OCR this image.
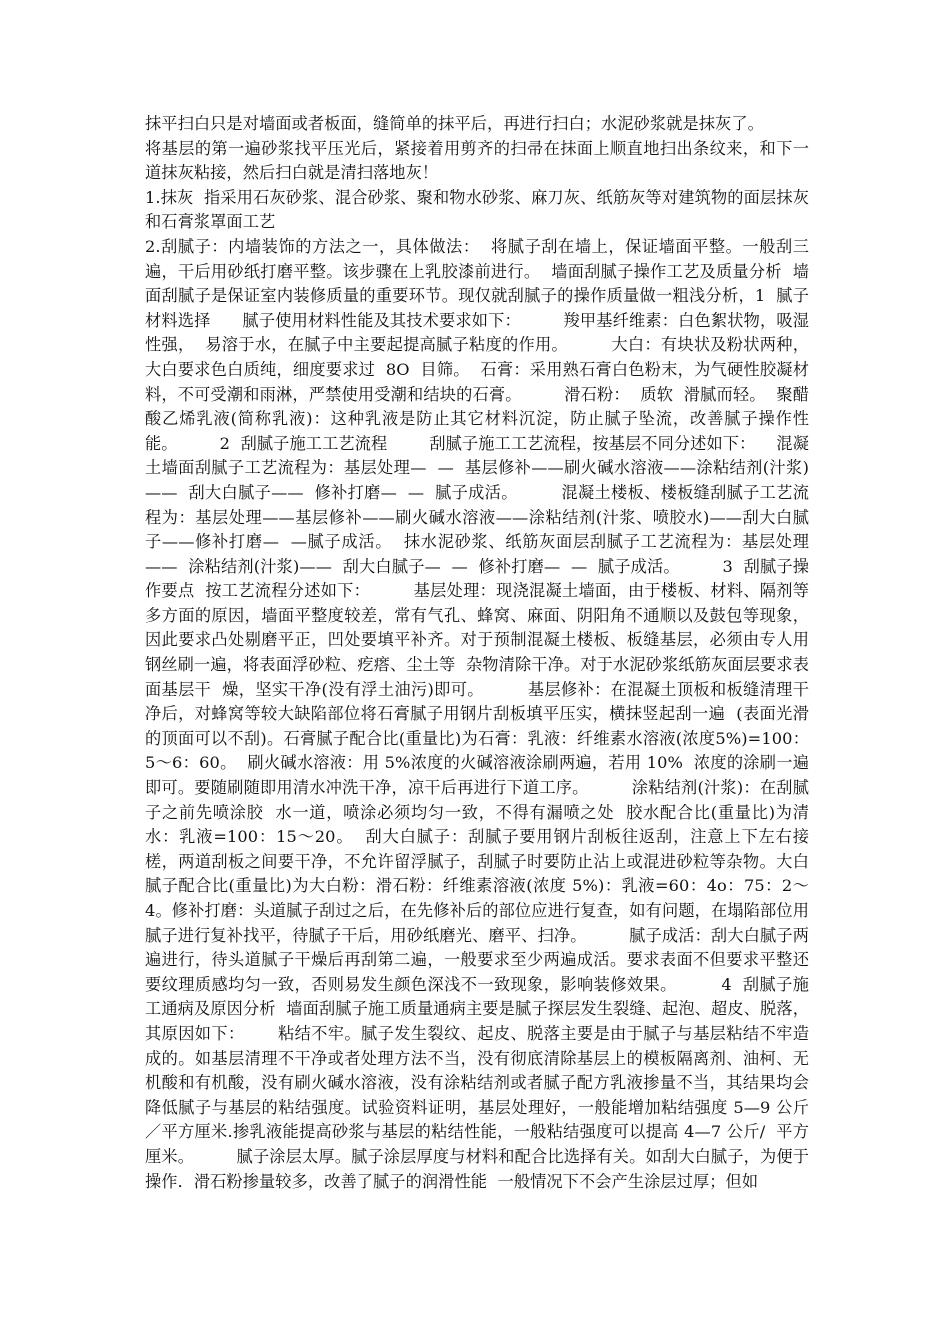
抹平扫白只是对墙面或者板面，缝简单的抹平后，再进行扫白；水泥砂浆就是抹灰了。

将基层的第一遍砂浆找平压光后，紧接着用剪齐的扫帚在抹面上顺直地扫出条纹来，和下一道抹灰粘接，然后扫白就是清扫落地灰！

1.抹灰  指采用石灰砂浆、混合砂浆、聚和物水砂浆、麻刀灰、纸筋灰等对建筑物的面层抹灰和石膏浆罩面工艺

2.刮腻子：内墙装饰的方法之一，具体做法：  将腻子刮在墙上，保证墙面平整。一般刮三遍，干后用砂纸打磨平整。该步骤在上乳胶漆前进行。  墙面刮腻子操作工艺及质量分析  墙面刮腻子是保证室内装修质量的重要环节。现仅就刮腻子的操作质量做一粗浅分析，1  腻子材料选择      腻子使用材料性能及其技术要求如下：        羧甲基纤维素：白色絮状物，吸湿性强，  易溶于水，在腻子中主要起提高腻子粘度的作用。        大白：有块状及粉状两种，大白要求色白质纯，细度要求过  8O  目筛。  石膏：采用熟石膏白色粉末，为气硬性胶凝材料，不可受潮和雨淋，严禁使用受潮和结块的石膏。        滑石粉：  质软  滑腻而轻。  聚醋酸乙烯乳液(简称乳液)：这种乳液是防止其它材料沉淀，防止腻子坠流，改善腻子操作性能。        2  刮腻子施工工艺流程        刮腻子施工工艺流程，按基层不同分述如下：    混凝土墙面刮腻子工艺流程为：基层处理—  —  基层修补——刷火碱水溶液——涂粘结剂(汁浆)——  刮大白腻子——  修补打磨—  —  腻子成活。        混凝土楼板、楼板缝刮腻子工艺流程为：基层处理——基层修补——刷火碱水溶液——涂粘结剂(汁浆、喷胶水)——刮大白腻子——修补打磨—  —腻子成活。  抹水泥砂浆、纸筋灰面层刮腻子工艺流程为：基层处理——  涂粘结剂(汁浆)——  刮大白腻子—  —  修补打磨—  —  腻子成活。        3  刮腻子操作要点  按工艺流程分述如下：        基层处理：现浇混凝土墙面，由于楼板、材料、隔剂等多方面的原因，墙面平整度较差，常有气孔、蜂窝、麻面、阴阳角不通顺以及鼓包等现象，因此要求凸处剔磨平正，凹处要填平补齐。对于预制混凝土楼板、板缝基层，必须由专人用钢丝刷一遍，将表面浮砂粒、疙瘩、尘土等  杂物清除干净。对于水泥砂浆纸筋灰面层要求表面基层干  燥，坚实干净(没有浮土油污)即可。        基层修补：在混凝土顶板和板缝清理干净后，对蜂窝等较大缺陷部位将石膏腻子用钢片刮板填平压实，横抹竖起刮一遍  (表面光滑的顶面可以不刮)。石膏腻子配合比(重量比)为石膏：乳液：纤维素水溶液(浓度5%)=100：5～6：60。  刷火碱水溶液：用 5%浓度的火碱溶液涂刷两遍，若用 10%  浓度的涂刷一遍即可。要随刷随即用清水冲洗干净，凉干后再进行下道工序。        涂粘结剂(汁浆)：在刮腻子之前先喷涂胶  水一道，喷涂必须均匀一致，不得有漏喷之处  胶水配合比(重量比)为清水：乳液=100：15～20。  刮大白腻子：刮腻子要用钢片刮板往返刮，注意上下左右接槎，两道刮板之间要干净，不允许留浮腻子，刮腻子时要防止沾上或混进砂粒等杂物。大白腻子配合比(重量比)为大白粉：滑石粉：纤维素溶液(浓度 5%)：乳液=60：4o：75：2～4。修补打磨：头道腻子刮过之后，在先修补后的部位应进行复查，如有问题，在塌陷部位用腻子进行复补找平，待腻子干后，用砂纸磨光、磨平、扫净。        腻子成活：刮大白腻子两遍进行，待头道腻子干燥后再刮第二遍，一般要求至少两遍成活。要求表面不但要求平整还要纹理质感均匀一致，否则易发生颜色深浅不一致现象，影响装修效果。        4  刮腻子施工通病及原因分析  墙面刮腻子施工质量通病主要是腻子探层发生裂缝、起泡、超皮、脱落，其原因如下：      粘结不牢。腻子发生裂纹、起皮、脱落主要是由于腻子与基层粘结不牢造成的。如基层清理不干净或者处理方法不当，没有彻底清除基层上的模板隔离剂、油柯、无机酸和有机酸，没有刷火碱水溶液，没有涂粘结剂或者腻子配方乳液掺量不当，其结果均会降低腻子与基层的粘结强度。试验资料证明，基层处理好，一般能增加粘结强度 5—9 公斤／平方厘米.掺乳液能提高砂浆与基层的粘结性能，一般粘结强度可以提高 4—7 公斤/  平方厘米。        腻子涂层太厚。腻子涂层厚度与材料和配合比选择有关。如刮大白腻子，为便于操作．滑石粉掺量较多，改善了腻子的润滑性能  一般情况下不会产生涂层过厚；但如
